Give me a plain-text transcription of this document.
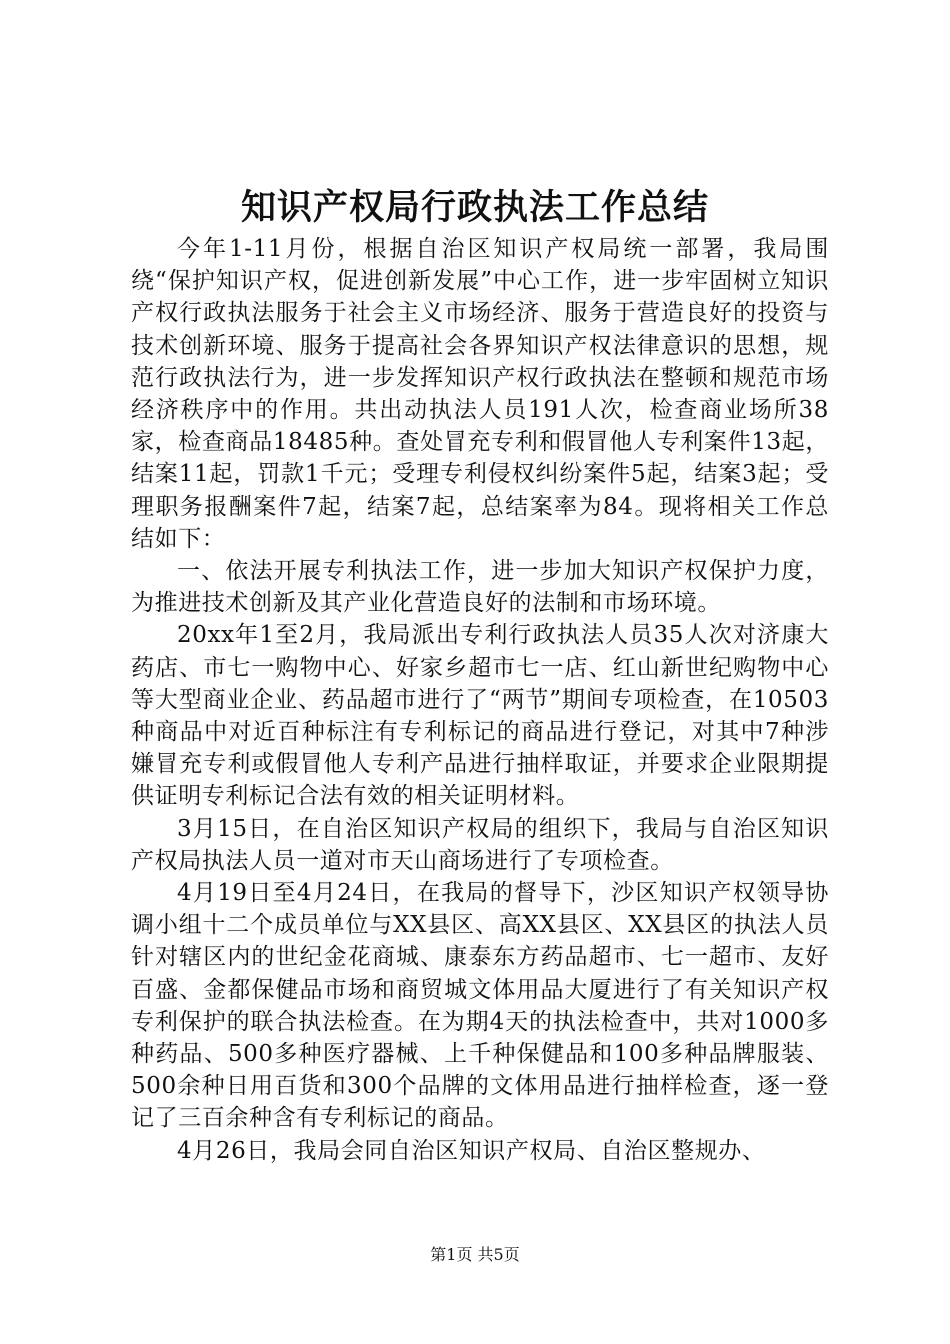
知识产权局行政执法工作总结

今年1-11月份，根据自治区知识产权局统一部署，我局围绕“保护知识产权，促进创新发展”中心工作，进一步牢固树立知识产权行政执法服务于社会主义市场经济、服务于营造良好的投资与技术创新环境、服务于提高社会各界知识产权法律意识的思想，规范行政执法行为，进一步发挥知识产权行政执法在整顿和规范市场经济秩序中的作用。共出动执法人员191人次，检查商业场所38家，检查商品18485种。查处冒充专利和假冒他人专利案件13起，结案11起，罚款1千元；受理专利侵权纠纷案件5起，结案3起；受理职务报酬案件7起，结案7起，总结案率为84。现将相关工作总结如下：

一、依法开展专利执法工作，进一步加大知识产权保护力度，为推进技术创新及其产业化营造良好的法制和市场环境。

20xx年1至2月，我局派出专利行政执法人员35人次对济康大药店、市七一购物中心、好家乡超市七一店、红山新世纪购物中心等大型商业企业、药品超市进行了“两节”期间专项检查，在10503种商品中对近百种标注有专利标记的商品进行登记，对其中7种涉嫌冒充专利或假冒他人专利产品进行抽样取证，并要求企业限期提供证明专利标记合法有效的相关证明材料。

3月15日，在自治区知识产权局的组织下，我局与自治区知识产权局执法人员一道对市天山商场进行了专项检查。

4月19日至4月24日，在我局的督导下，沙区知识产权领导协调小组十二个成员单位与XX县区、高XX县区、XX县区的执法人员针对辖区内的世纪金花商城、康泰东方药品超市、七一超市、友好百盛、金都保健品市场和商贸城文体用品大厦进行了有关知识产权专利保护的联合执法检查。在为期4天的执法检查中，共对1000多种药品、500多种医疗器械、上千种保健品和100多种品牌服装、500余种日用百货和300个品牌的文体用品进行抽样检查，逐一登记了三百余种含有专利标记的商品。

4月26日，我局会同自治区知识产权局、自治区整规办、

第1页 共5页
